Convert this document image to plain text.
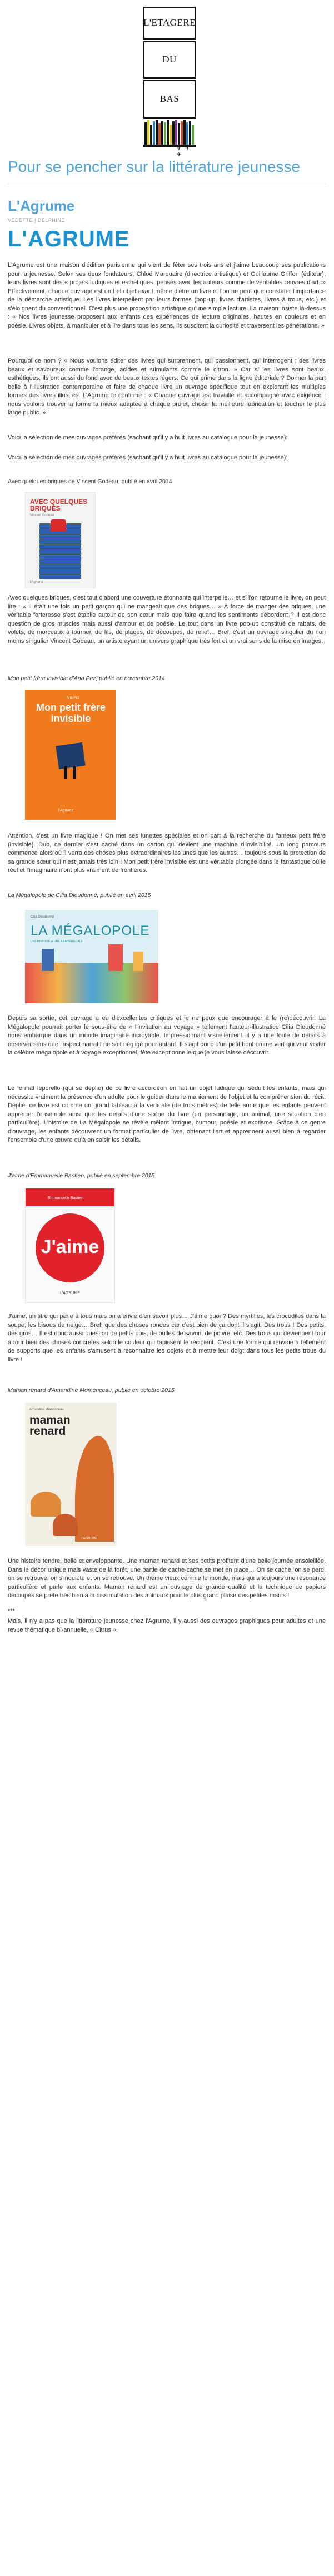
L'ETAGERE
DU
BAS
✈ ✈ ✈
Pour se pencher sur la littérature jeunesse
L'Agrume
VEDETTE | DELPHINE
L'AGRUME

L'Agrume est une maison d'édition parisienne qui vient de fêter ses trois ans et j'aime beaucoup ses publications pour la jeunesse. Selon ses deux fondateurs, Chloé Marquaire (directrice artistique) et Guillaume Griffon (éditeur), leurs livres sont des « projets ludiques et esthétiques, pensés avec les auteurs comme de véritables œuvres d'art. » Effectivement, chaque ouvrage est un bel objet avant même d'être un livre et l'on ne peut que constater l'importance de la démarche artistique. Les livres interpellent par leurs formes (pop-up, livres d'artistes, livres à trous, etc.) et s'éloignent du conventionnel. C'est plus une proposition artistique qu'une simple lecture. La maison insiste là-dessus : « Nos livres jeunesse proposent aux enfants des expériences de lecture originales, hautes en couleurs et en poésie. Livres objets, à manipuler et à lire dans tous les sens, ils suscitent la curiosité et traversent les générations. »

Pourquoi ce nom ? « Nous voulons éditer des livres qui surprennent, qui passionnent, qui interrogent ; des livres beaux et savoureux comme l'orange, acides et stimulants comme le citron. » Car si les livres sont beaux, esthétiques, ils ont aussi du fond avec de beaux textes légers. Ce qui prime dans la ligne éditoriale ? Donner la part belle à l'illustration contemporaine et faire de chaque livre un ouvrage spécifique tout en explorant les multiples formes des livres illustrés. L'Agrume le confirme : « Chaque ouvrage est travaillé et accompagné avec exigence : nous voulons trouver la forme la mieux adaptée à chaque projet, choisir la meilleure fabrication et toucher le plus large public. »

Voici la sélection de mes ouvrages préférés (sachant qu'il y a huit livres au catalogue pour la jeunesse):

Voici la sélection de mes ouvrages préférés (sachant qu'il y a huit livres au catalogue pour la jeunesse):

Avec quelques briques de Vincent Godeau, publié en avril 2014
AVEC QUELQUES BRIQUES
Vincent Godeau
l'Agrume

Avec quelques briques, c'est tout d'abord une couverture étonnante qui interpelle… et si l'on retourne le livre, on peut lire : « Il était une fois un petit garçon qui ne mangeait que des briques… » À force de manger des briques, une véritable forteresse s'est établie autour de son cœur mais que faire quand les sentiments débordent ? Il est donc question de gros muscles mais aussi d'amour et de poésie. Le tout dans un livre pop-up constitué de rabats, de volets, de morceaux à tourner, de fils, de plages, de découpes, de relief… Bref, c'est un ouvrage singulier du non moins singulier Vincent Godeau, un artiste ayant un univers graphique très fort et un vrai sens de la mise en images.

Mon petit frère invisible d'Ana Pez, publié en novembre 2014
Ana Pez
Mon petit frère invisible
l'Agrume

Attention, c'est un livre magique ! On met ses lunettes spéciales et on part à la recherche du fameux petit frère (invisible). Duo, ce dernier s'est caché dans un carton qui devient une machine d'invisibilité. Un long parcours commence alors où il verra des choses plus extraordinaires les unes que les autres… toujours sous la protection de sa grande sœur qui n'est jamais très loin ! Mon petit frère invisible est une véritable plongée dans le fantastique où le réel et l'imaginaire n'ont plus vraiment de frontières.

La Mégalopole de Cilia Dieudonné, publié en avril 2015
Cilia Dieudonné
LA MÉGALOPOLE
UNE HISTOIRE À LIRE À LA VERTICALE

Depuis sa sortie, cet ouvrage a eu d'excellentes critiques et je ne peux que encourager à le (re)découvrir. La Mégalopole pourrait porter le sous-titre de « l'invitation au voyage » tellement l'auteur-illustratice Cilia Dieudonné nous embarque dans un monde imaginaire incroyable. Impressionnant visuellement, il y a une foule de détails à observer sans que l'aspect narratif ne soit négligé pour autant. Il s'agit donc d'un petit bonhomme vert qui veut visiter la célèbre mégalopole et à voyage exceptionnel, fête exceptionnelle que je vous laisse découvrir.

Le format leporello (qui se déplie) de ce livre accordéon en fait un objet ludique qui séduit les enfants, mais qui nécessite vraiment la présence d'un adulte pour le guider dans le maniement de l'objet et la compréhension du récit. Déplié, ce livre est comme un grand tableau à la verticale (de trois mètres) de telle sorte que les enfants peuvent apprécier l'ensemble ainsi que les détails d'une scène du livre (un personnage, un animal, une situation bien particulière). L'histoire de La Mégalopole se révèle mêlant intrigue, humour, poésie et exotisme. Grâce à ce genre d'ouvrage, les enfants découvrent un format particulier de livre, obtenant l'art et apprennent aussi bien à regarder l'ensemble d'une œuvre qu'à en saisir les détails.

J'aime d'Emmanuelle Bastien, publié en septembre 2015
Emmanuelle Bastien
J'aime
L'AGRUME

J'aime, un titre qui parle à tous mais on a envie d'en savoir plus… J'aime quoi ? Des myrtilles, les crocodiles dans la soupe, les bisous de neige… Bref, que des choses rondes car c'est bien de ça dont il s'agit. Des trous ! Des petits, des gros… Il est donc aussi question de petits pois, de bulles de savon, de poivre, etc. Des trous qui deviennent tour à tour bien des choses concrètes selon le couleur qui tapissent le récipient. C'est une forme qui renvoie à tellement de supports que les enfants s'amusent à reconnaître les objets et à mettre leur doigt dans tous les petits trous du livre !

Maman renard d'Amandine Momenceau, publié en octobre 2015
Amandine Momenceau
maman renard
L'AGRUME

Une histoire tendre, belle et enveloppante. Une maman renard et ses petits profitent d'une belle journée ensoleillée. Dans le décor unique mais vaste de la forêt, une partie de cache-cache se met en place… On se cache, on se perd, on se retrouve, on s'inquiète et on se retrouve. Un thème vieux comme le monde, mais qui a toujours une résonance particulière et parle aux enfants. Maman renard est un ouvrage de grande qualité et la technique de papiers découpés se prête très bien à la dissimulation des animaux pour le plus grand plaisir des petites mains !

***

Mais, il n'y a pas que la littérature jeunesse chez l'Agrume, il y aussi des ouvrages graphiques pour adultes et une revue thématique bi-annuelle, « Citrus ».
